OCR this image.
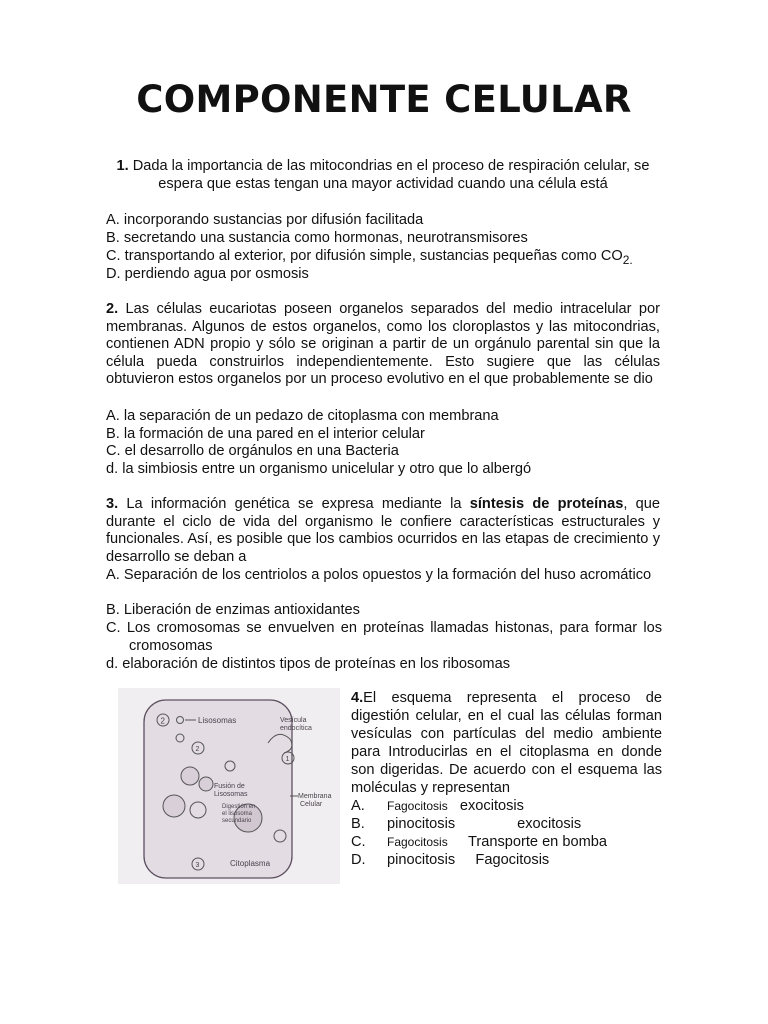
COMPONENTE CELULAR
1. Dada la importancia de las mitocondrias en el proceso de respiración celular, se
espera que estas tengan una mayor actividad cuando una célula está
A. incorporando sustancias por difusión facilitada
B. secretando una sustancia como hormonas, neurotransmisores
C. transportando al exterior, por difusión simple, sustancias pequeñas como $CO_{2.}$
D. perdiendo agua por osmosis
2. Las células eucariotas poseen organelos separados del medio intracelular por membranas. Algunos de estos organelos, como los cloroplastos y las mitocondrias, contienen ADN propio y sólo se originan a partir de un orgánulo parental sin que la célula pueda construirlos independientemente. Esto sugiere que las células obtuvieron estos organelos por un proceso evolutivo en el que probablemente se dio
A. la separación de un pedazo de citoplasma con membrana
B. la formación de una pared en el interior celular
C. el desarrollo de orgánulos en una Bacteria
d. la simbiosis entre un organismo unicelular y otro que lo albergó
3. La información genética se expresa mediante la síntesis de proteínas, que durante el ciclo de vida del organismo le confiere características estructurales y funcionales. Así, es posible que los cambios ocurridos en las etapas de crecimiento y desarrollo se deban a
A. Separación de los centriolos a polos opuestos y la formación del huso acromático
B. Liberación de enzimas antioxidantes
C. Los cromosomas se envuelven en proteínas llamadas histonas, para formar los cromosomas
d. elaboración de distintos tipos de proteínas en los ribosomas
2	Lisosomas
2
3
1
Vesícula
endocítica
Fusión de
Lisosomas
Digestión en
el lisosoma
secundario
Membrana
Celular
Citoplasma
4.El esquema representa el proceso de digestión celular, en el cual las células forman vesículas con partículas del medio ambiente para Introducirlas en el citoplasma en donde son digeridas. De acuerdo con el esquema las moléculas y representan
A. Fagocitosis exocitosis
B. pinocitosis	exocitosis
C. Fagocitosis Transporte en bomba
D. pinocitosis Fagocitosis
